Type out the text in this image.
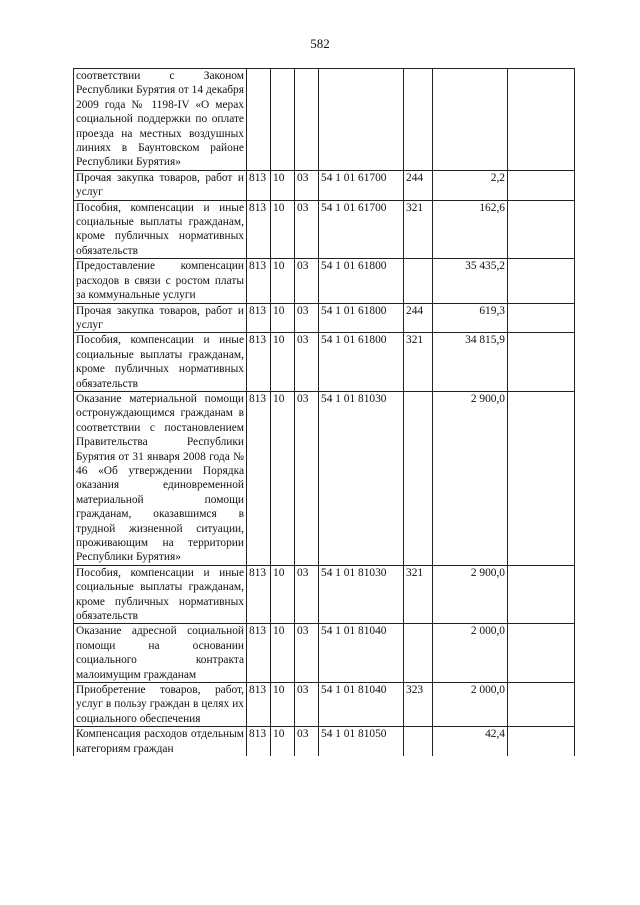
582
соответствии с Законом Республики Бурятия от 14 декабря 2009 года № 1198-IV «О мерах социальной поддержки по оплате проезда на местных воздушных линиях в Баунтовском районе Республики Бурятия»							
Прочая закупка товаров, работ и услуг	813	10	03	54 1 01 61700	244	2,2	
Пособия, компенсации и иные социальные выплаты гражданам, кроме публичных нормативных обязательств	813	10	03	54 1 01 61700	321	162,6	
Предоставление компенсации расходов в связи с ростом платы за коммунальные услуги	813	10	03	54 1 01 61800		35 435,2	
Прочая закупка товаров, работ и услуг	813	10	03	54 1 01 61800	244	619,3	
Пособия, компенсации и иные социальные выплаты гражданам, кроме публичных нормативных обязательств	813	10	03	54 1 01 61800	321	34 815,9	
Оказание материальной помощи остронуждающимся гражданам в соответствии с постановлением Правительства Республики Бурятия от 31 января 2008 года № 46 «Об утверждении Порядка оказания единовременной материальной помощи гражданам, оказавшимся в трудной жизненной ситуации, проживающим на территории Республики Бурятия»	813	10	03	54 1 01 81030		2 900,0	
Пособия, компенсации и иные социальные выплаты гражданам, кроме публичных нормативных обязательств	813	10	03	54 1 01 81030	321	2 900,0	
Оказание адресной социальной помощи на основании социального контракта малоимущим гражданам	813	10	03	54 1 01 81040		2 000,0	
Приобретение товаров, работ, услуг в пользу граждан в целях их социального обеспечения	813	10	03	54 1 01 81040	323	2 000,0	
Компенсация расходов отдельным категориям граждан	813	10	03	54 1 01 81050		42,4	
